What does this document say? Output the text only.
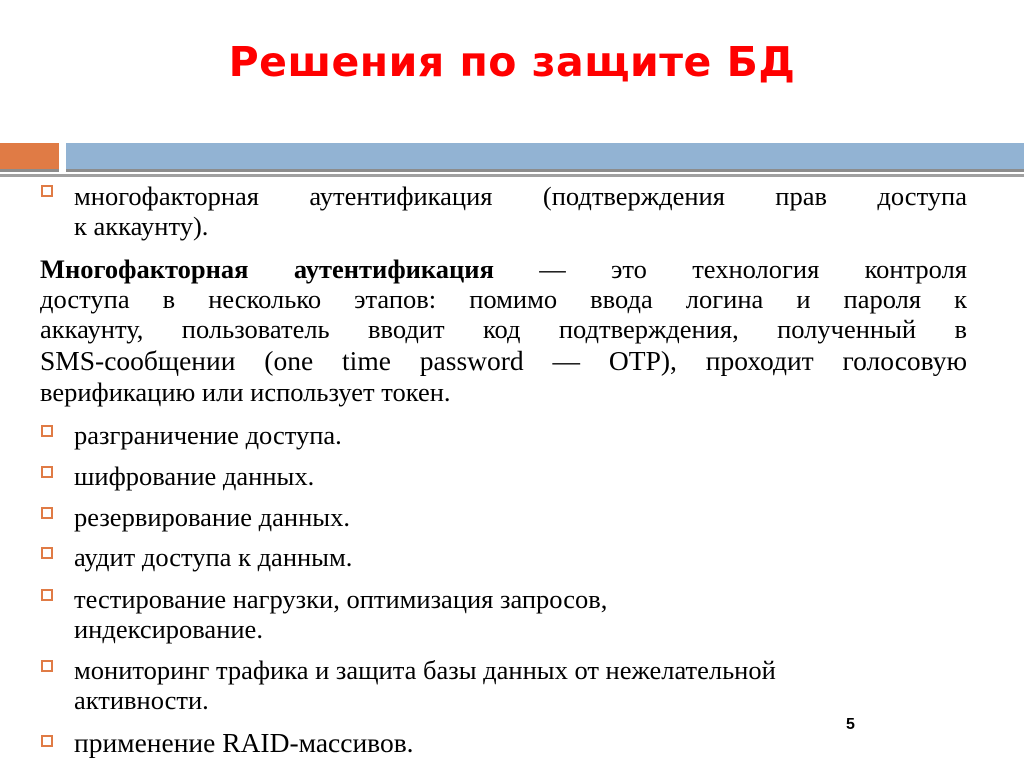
Решения по защите БД
многофакторная аутентификация (подтверждения прав доступа
к аккаунту).
Многофакторная аутентификация — это технология контроля
доступа в несколько этапов: помимо ввода логина и пароля к
аккаунту, пользователь вводит код подтверждения, полученный в
SMS-сообщении (one time password — OTP), проходит голосовую
верификацию или использует токен.
разграничение доступа.
шифрование данных.
резервирование данных.
аудит доступа к данным.
тестирование нагрузки, оптимизация запросов,
индексирование.
мониторинг трафика и защита базы данных от нежелательной
активности.
применение RAID-массивов.
5
